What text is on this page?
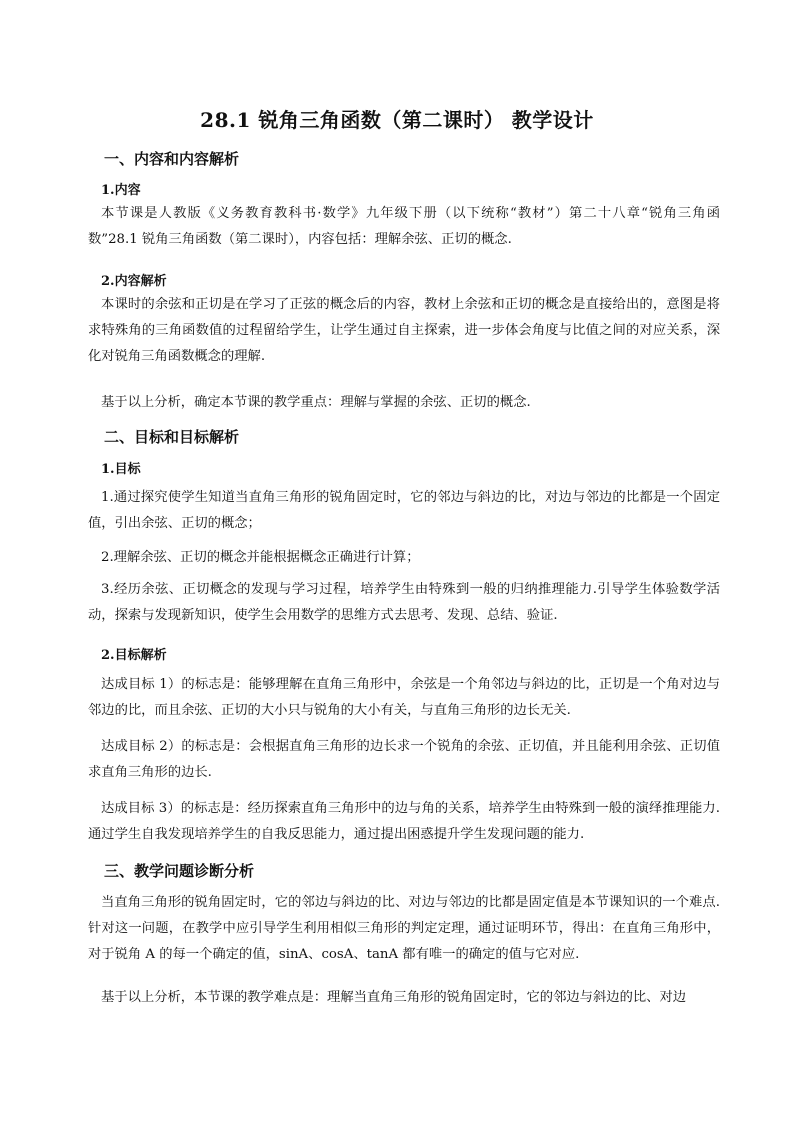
28.1 锐角三角函数（第二课时） 教学设计
一、内容和内容解析
1.内容
本节课是人教版《义务教育教科书·数学》九年级下册（以下统称“教材”）第二十八章“锐角三角函数”28.1 锐角三角函数（第二课时），内容包括：理解余弦、正切的概念.
2.内容解析
本课时的余弦和正切是在学习了正弦的概念后的内容，教材上余弦和正切的概念是直接给出的，意图是将求特殊角的三角函数值的过程留给学生，让学生通过自主探索，进一步体会角度与比值之间的对应关系，深化对锐角三角函数概念的理解.
基于以上分析，确定本节课的教学重点：理解与掌握的余弦、正切的概念.
二、目标和目标解析
1.目标
1.通过探究使学生知道当直角三角形的锐角固定时，它的邻边与斜边的比，对边与邻边的比都是一个固定值，引出余弦、正切的概念；
2.理解余弦、正切的概念并能根据概念正确进行计算；
3.经历余弦、正切概念的发现与学习过程，培养学生由特殊到一般的归纳推理能力.引导学生体验数学活动，探索与发现新知识，使学生会用数学的思维方式去思考、发现、总结、验证.
2.目标解析
达成目标 1）的标志是：能够理解在直角三角形中，余弦是一个角邻边与斜边的比，正切是一个角对边与邻边的比，而且余弦、正切的大小只与锐角的大小有关，与直角三角形的边长无关.
达成目标 2）的标志是：会根据直角三角形的边长求一个锐角的余弦、正切值，并且能利用余弦、正切值求直角三角形的边长.
达成目标 3）的标志是：经历探索直角三角形中的边与角的关系，培养学生由特殊到一般的演绎推理能力. 通过学生自我发现培养学生的自我反思能力，通过提出困惑提升学生发现问题的能力.
三、教学问题诊断分析
当直角三角形的锐角固定时，它的邻边与斜边的比、对边与邻边的比都是固定值是本节课知识的一个难点.针对这一问题，在教学中应引导学生利用相似三角形的判定定理，通过证明环节，得出：在直角三角形中，对于锐角 A 的每一个确定的值，sinA、cosA、tanA 都有唯一的确定的值与它对应.
基于以上分析，本节课的教学难点是：理解当直角三角形的锐角固定时，它的邻边与斜边的比、对边
